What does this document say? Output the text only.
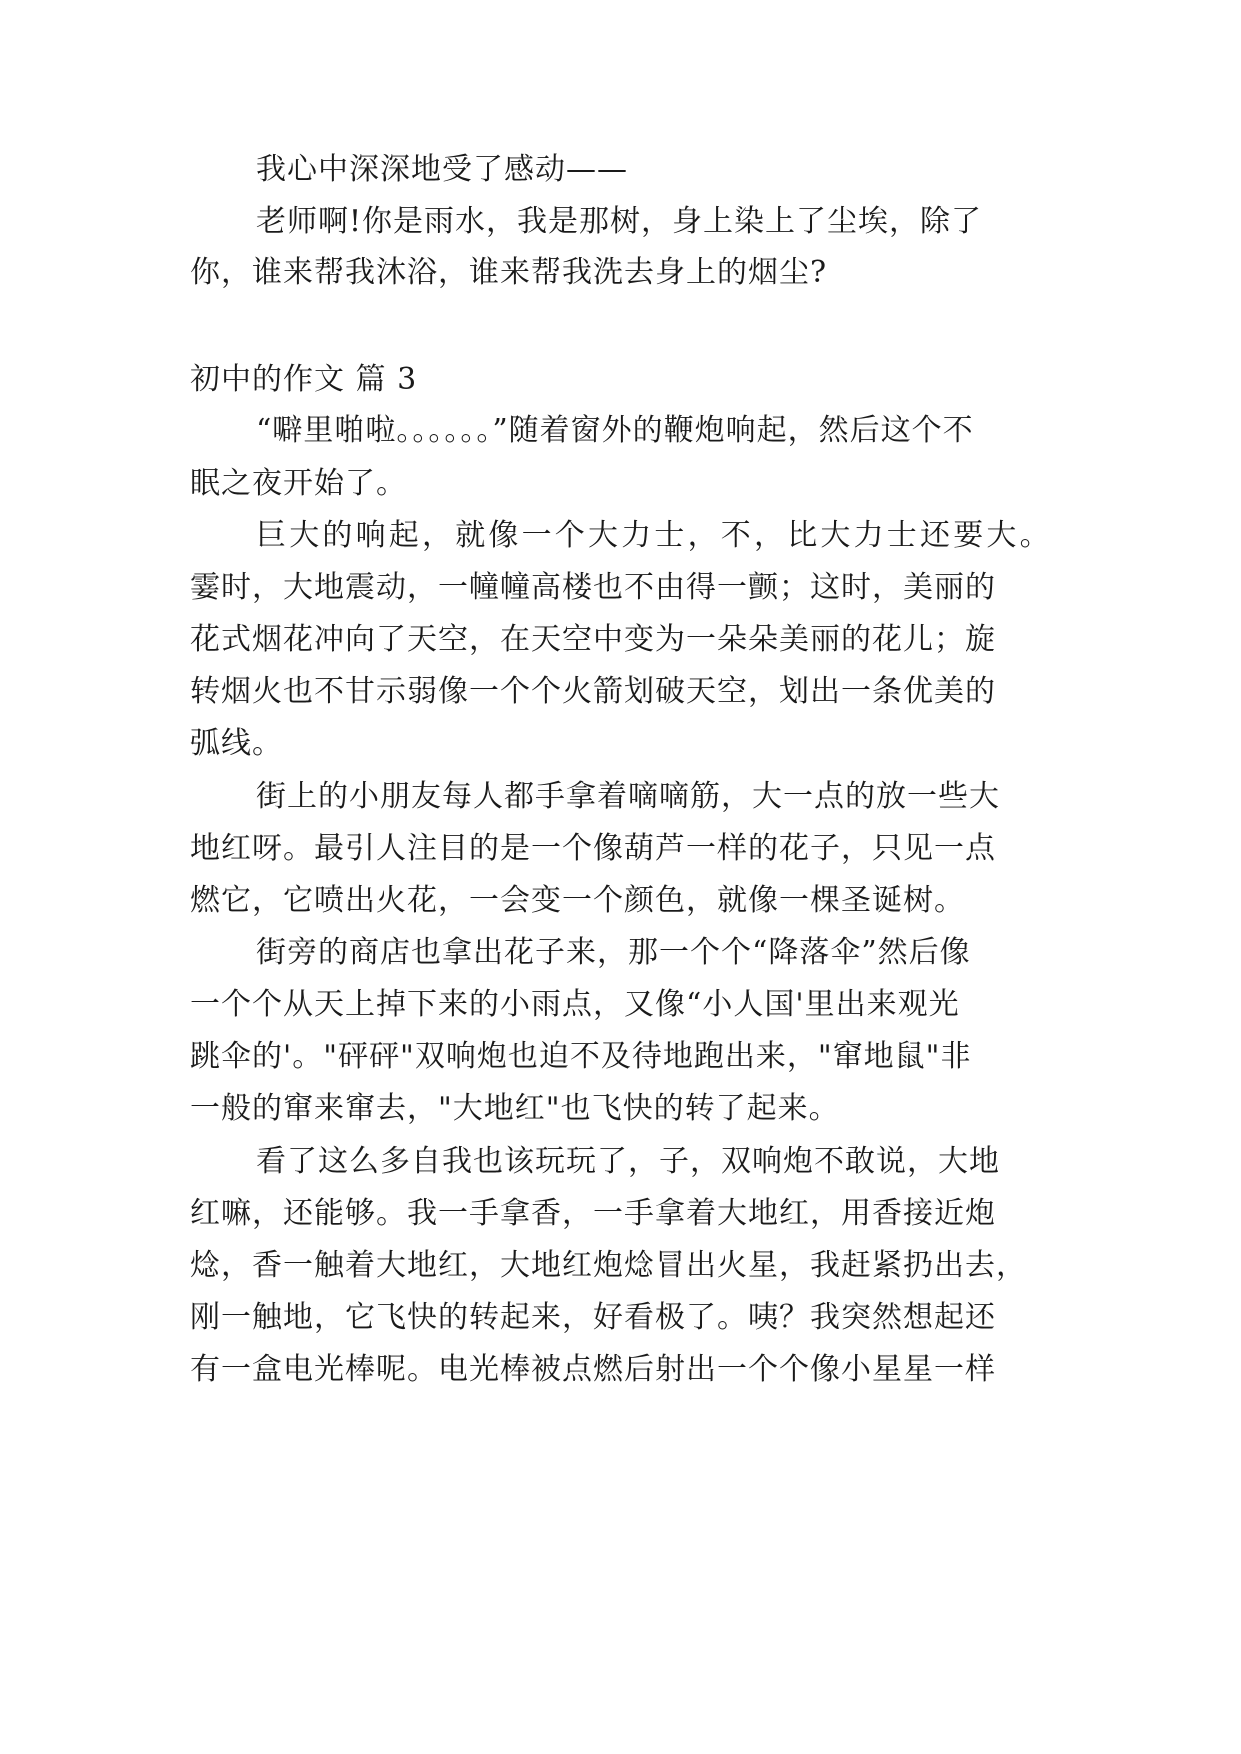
我心中深深地受了感动——
老师啊!你是雨水，我是那树，身上染上了尘埃，除了
你，谁来帮我沐浴，谁来帮我洗去身上的烟尘?
初中的作文 篇 3
“噼里啪啦。。。。。。”随着窗外的鞭炮响起，然后这个不
眠之夜开始了。
巨大的响起，就像一个大力士，不，比大力士还要大。
霎时，大地震动，一幢幢高楼也不由得一颤；这时，美丽的
花式烟花冲向了天空，在天空中变为一朵朵美丽的花儿；旋
转烟火也不甘示弱像一个个火箭划破天空，划出一条优美的
弧线。
街上的小朋友每人都手拿着嘀嘀筋，大一点的放一些大
地红呀。最引人注目的是一个像葫芦一样的花子，只见一点
燃它，它喷出火花，一会变一个颜色，就像一棵圣诞树。
街旁的商店也拿出花子来，那一个个“降落伞”然后像
一个个从天上掉下来的小雨点，又像“小人国'里出来观光
跳伞的'。"砰砰"双响炮也迫不及待地跑出来，"窜地鼠"非
一般的窜来窜去，"大地红"也飞快的转了起来。
看了这么多自我也该玩玩了，子，双响炮不敢说，大地
红嘛，还能够。我一手拿香，一手拿着大地红，用香接近炮
焾，香一触着大地红，大地红炮焾冒出火星，我赶紧扔出去，
刚一触地，它飞快的转起来，好看极了。咦？我突然想起还
有一盒电光棒呢。电光棒被点燃后射出一个个像小星星一样
